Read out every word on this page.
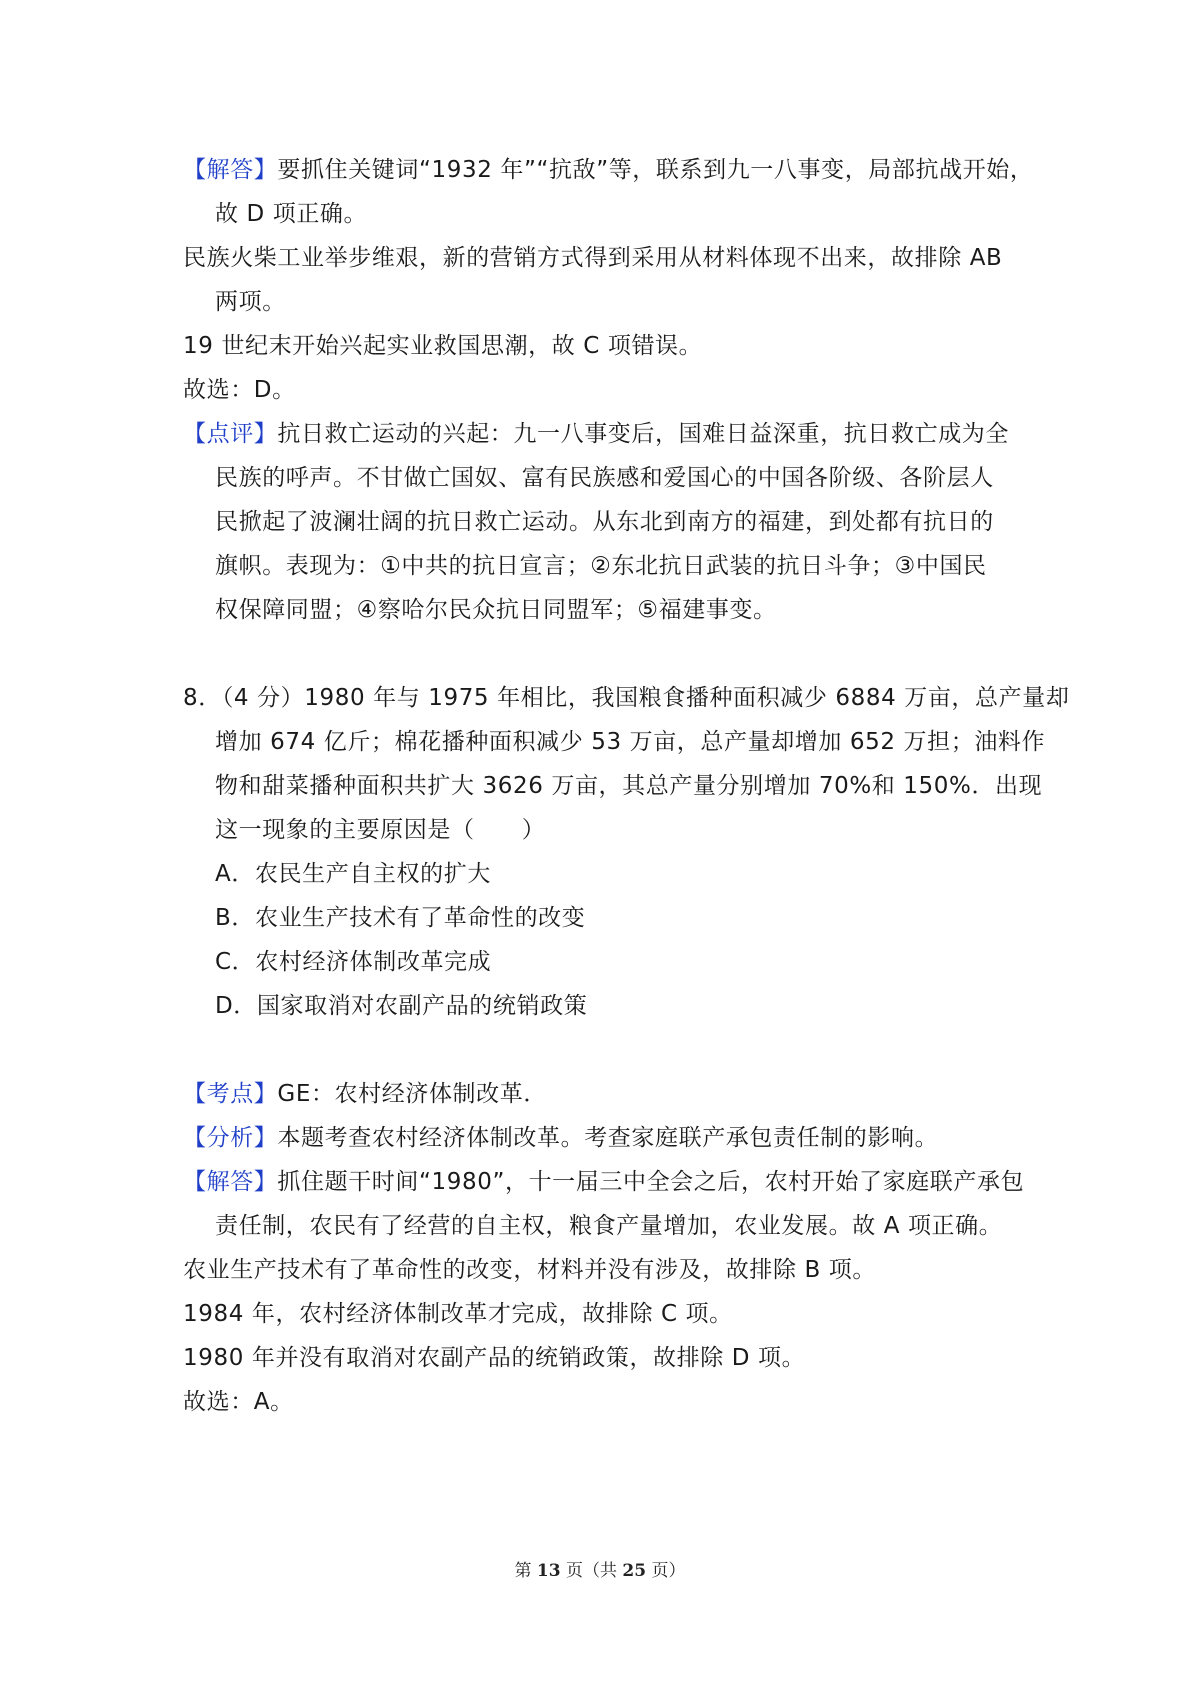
【解答】要抓住关键词“1932 年”“抗敌”等，联系到九一八事变，局部抗战开始，
故 D 项正确。
民族火柴工业举步维艰，新的营销方式得到采用从材料体现不出来，故排除 AB
两项。
19 世纪末开始兴起实业救国思潮，故 C 项错误。
故选：D。
【点评】抗日救亡运动的兴起：九一八事变后，国难日益深重，抗日救亡成为全
民族的呼声。不甘做亡国奴、富有民族感和爱国心的中国各阶级、各阶层人
民掀起了波澜壮阔的抗日救亡运动。从东北到南方的福建，到处都有抗日的
旗帜。表现为：①中共的抗日宣言；②东北抗日武装的抗日斗争；③中国民
权保障同盟；④察哈尔民众抗日同盟军；⑤福建事变。
8．（4 分）1980 年与 1975 年相比，我国粮食播种面积减少 6884 万亩，总产量却
增加 674 亿斤；棉花播种面积减少 53 万亩，总产量却增加 652 万担；油料作
物和甜菜播种面积共扩大 3626 万亩，其总产量分别增加 70%和 150%．出现
这一现象的主要原因是（　　）
A．农民生产自主权的扩大
B．农业生产技术有了革命性的改变
C．农村经济体制改革完成
D．国家取消对农副产品的统销政策
【考点】GE：农村经济体制改革．
【分析】本题考查农村经济体制改革。考查家庭联产承包责任制的影响。
【解答】抓住题干时间“1980”，十一届三中全会之后，农村开始了家庭联产承包
责任制，农民有了经营的自主权，粮食产量增加，农业发展。故 A 项正确。
农业生产技术有了革命性的改变，材料并没有涉及，故排除 B 项。
1984 年，农村经济体制改革才完成，故排除 C 项。
1980 年并没有取消对农副产品的统销政策，故排除 D 项。
故选：A。
第 13 页（共 25 页）
